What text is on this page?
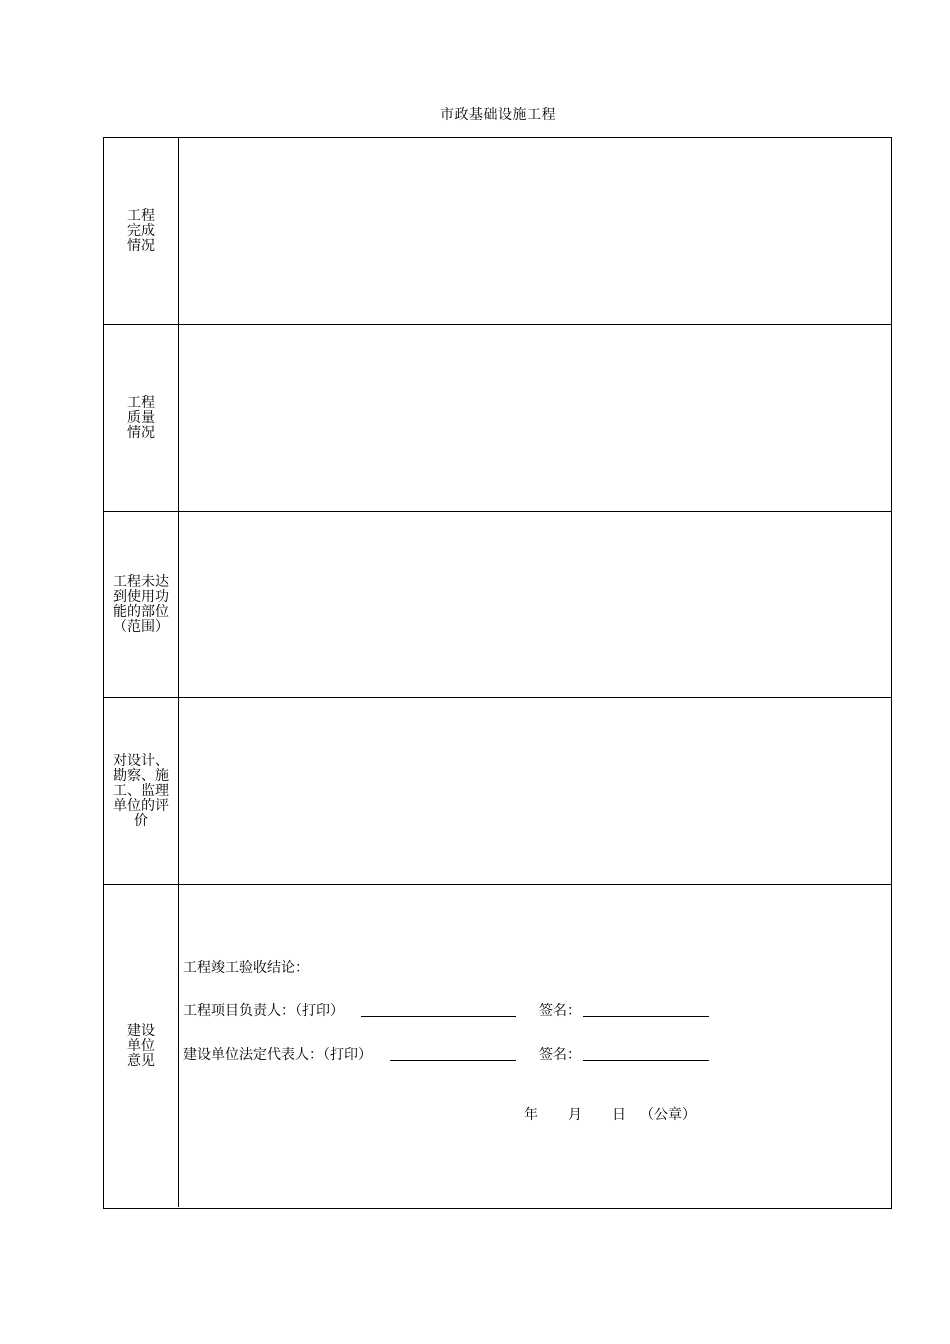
市政基础设施工程
工程
完成
情况
工程
质量
情况
工程未达
到使用功
能的部位
（范围）
对设计、
勘察、施
工、监理
单位的评
价
建设
单位
意见
工程竣工验收结论：
工程项目负责人：（打印）	签名：
建设单位法定代表人：（打印）	签名：
年 月 日 （公章）
